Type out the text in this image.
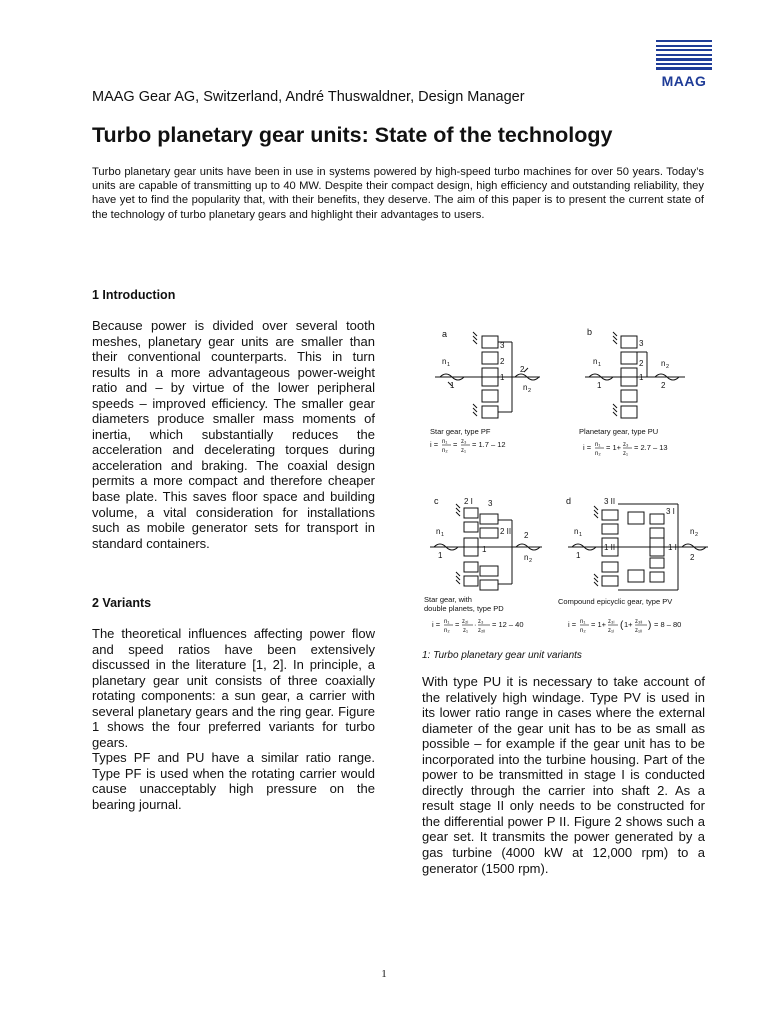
MAAG
MAAG Gear AG, Switzerland, André Thuswaldner, Design Manager
Turbo planetary gear units: State of the technology

Turbo planetary gear units have been in use in systems powered by high-speed turbo machines for over 50 years. Today’s units are capable of transmitting up to 40 MW. Despite their compact design, high efficiency and outstanding reliability, they have yet to find the popularity that, with their benefits, they deserve. The aim of this paper is to present the current state of the technology of turbo planetary gears and highlight their advantages to users.

1 Introduction

Because power is divided over several tooth meshes, planetary gear units are smaller than their conventional counterparts. This in turn results in a more advantageous power-weight ratio and – by virtue of the lower peripheral speeds – improved efficiency. The smaller gear diameters produce smaller mass moments of inertia, which substantially reduces the acceleration and decelerating torques during acceleration and braking. The coaxial design permits a more compact and therefore cheaper base plate. This saves floor space and building volume, a vital consideration for installations such as mobile generator sets for transport in standard containers.

2 Variants

The theoretical influences affecting power flow and speed ratios have been extensively discussed in the literature [1, 2]. In principle, a planetary gear unit consists of three coaxially rotating components: a sun gear, a carrier with several planetary gears and the ring gear. Figure 1 shows the four preferred variants for turbo gears.

Types PF and PU have a similar ratio range. Type PF is used when the rotating carrier would cause unacceptably high pressure on the bearing journal.

a
3
2
1
n 1
1
2
n 2
Star gear, type PF
i = n₁
n₂
= z₃
z₁
= 1.7 – 12
b
3
2
1
n 1
1
n 2
2
Planetary gear, type PU
i = n₁
n₂
= 1+ z₃
z₁
= 2.7 – 13
c	2 I 3
2 II
1
n 1
1
2
n 2
Star gear, with
double planets, type PD
i = n₁
n₂
= z₂ᵢ
z₁
· z₃
z₂ᵢᵢ
= 12 – 40
d	3 II
3 I
1 II	1 I
n 1
1
n 2
2
Compound epicyclic gear, type PV
i = n₁
n₂
= 1+ z₃ᵢ
z₁ᵢ ( 1+ z₃ᵢᵢ
z₁ᵢᵢ ) = 8 – 80
1: Turbo planetary gear unit variants

With type PU it is necessary to take account of the relatively high windage. Type PV is used in its lower ratio range in cases where the external diameter of the gear unit has to be as small as possible – for example if the gear unit has to be incorporated into the turbine housing. Part of the power to be transmitted in stage I is conducted directly through the carrier into shaft 2. As a result stage II only needs to be constructed for the differential power P II. Figure 2 shows such a gear set. It transmits the power generated by a gas turbine (4000 kW at 12,000 rpm) to a generator (1500 rpm).

1
